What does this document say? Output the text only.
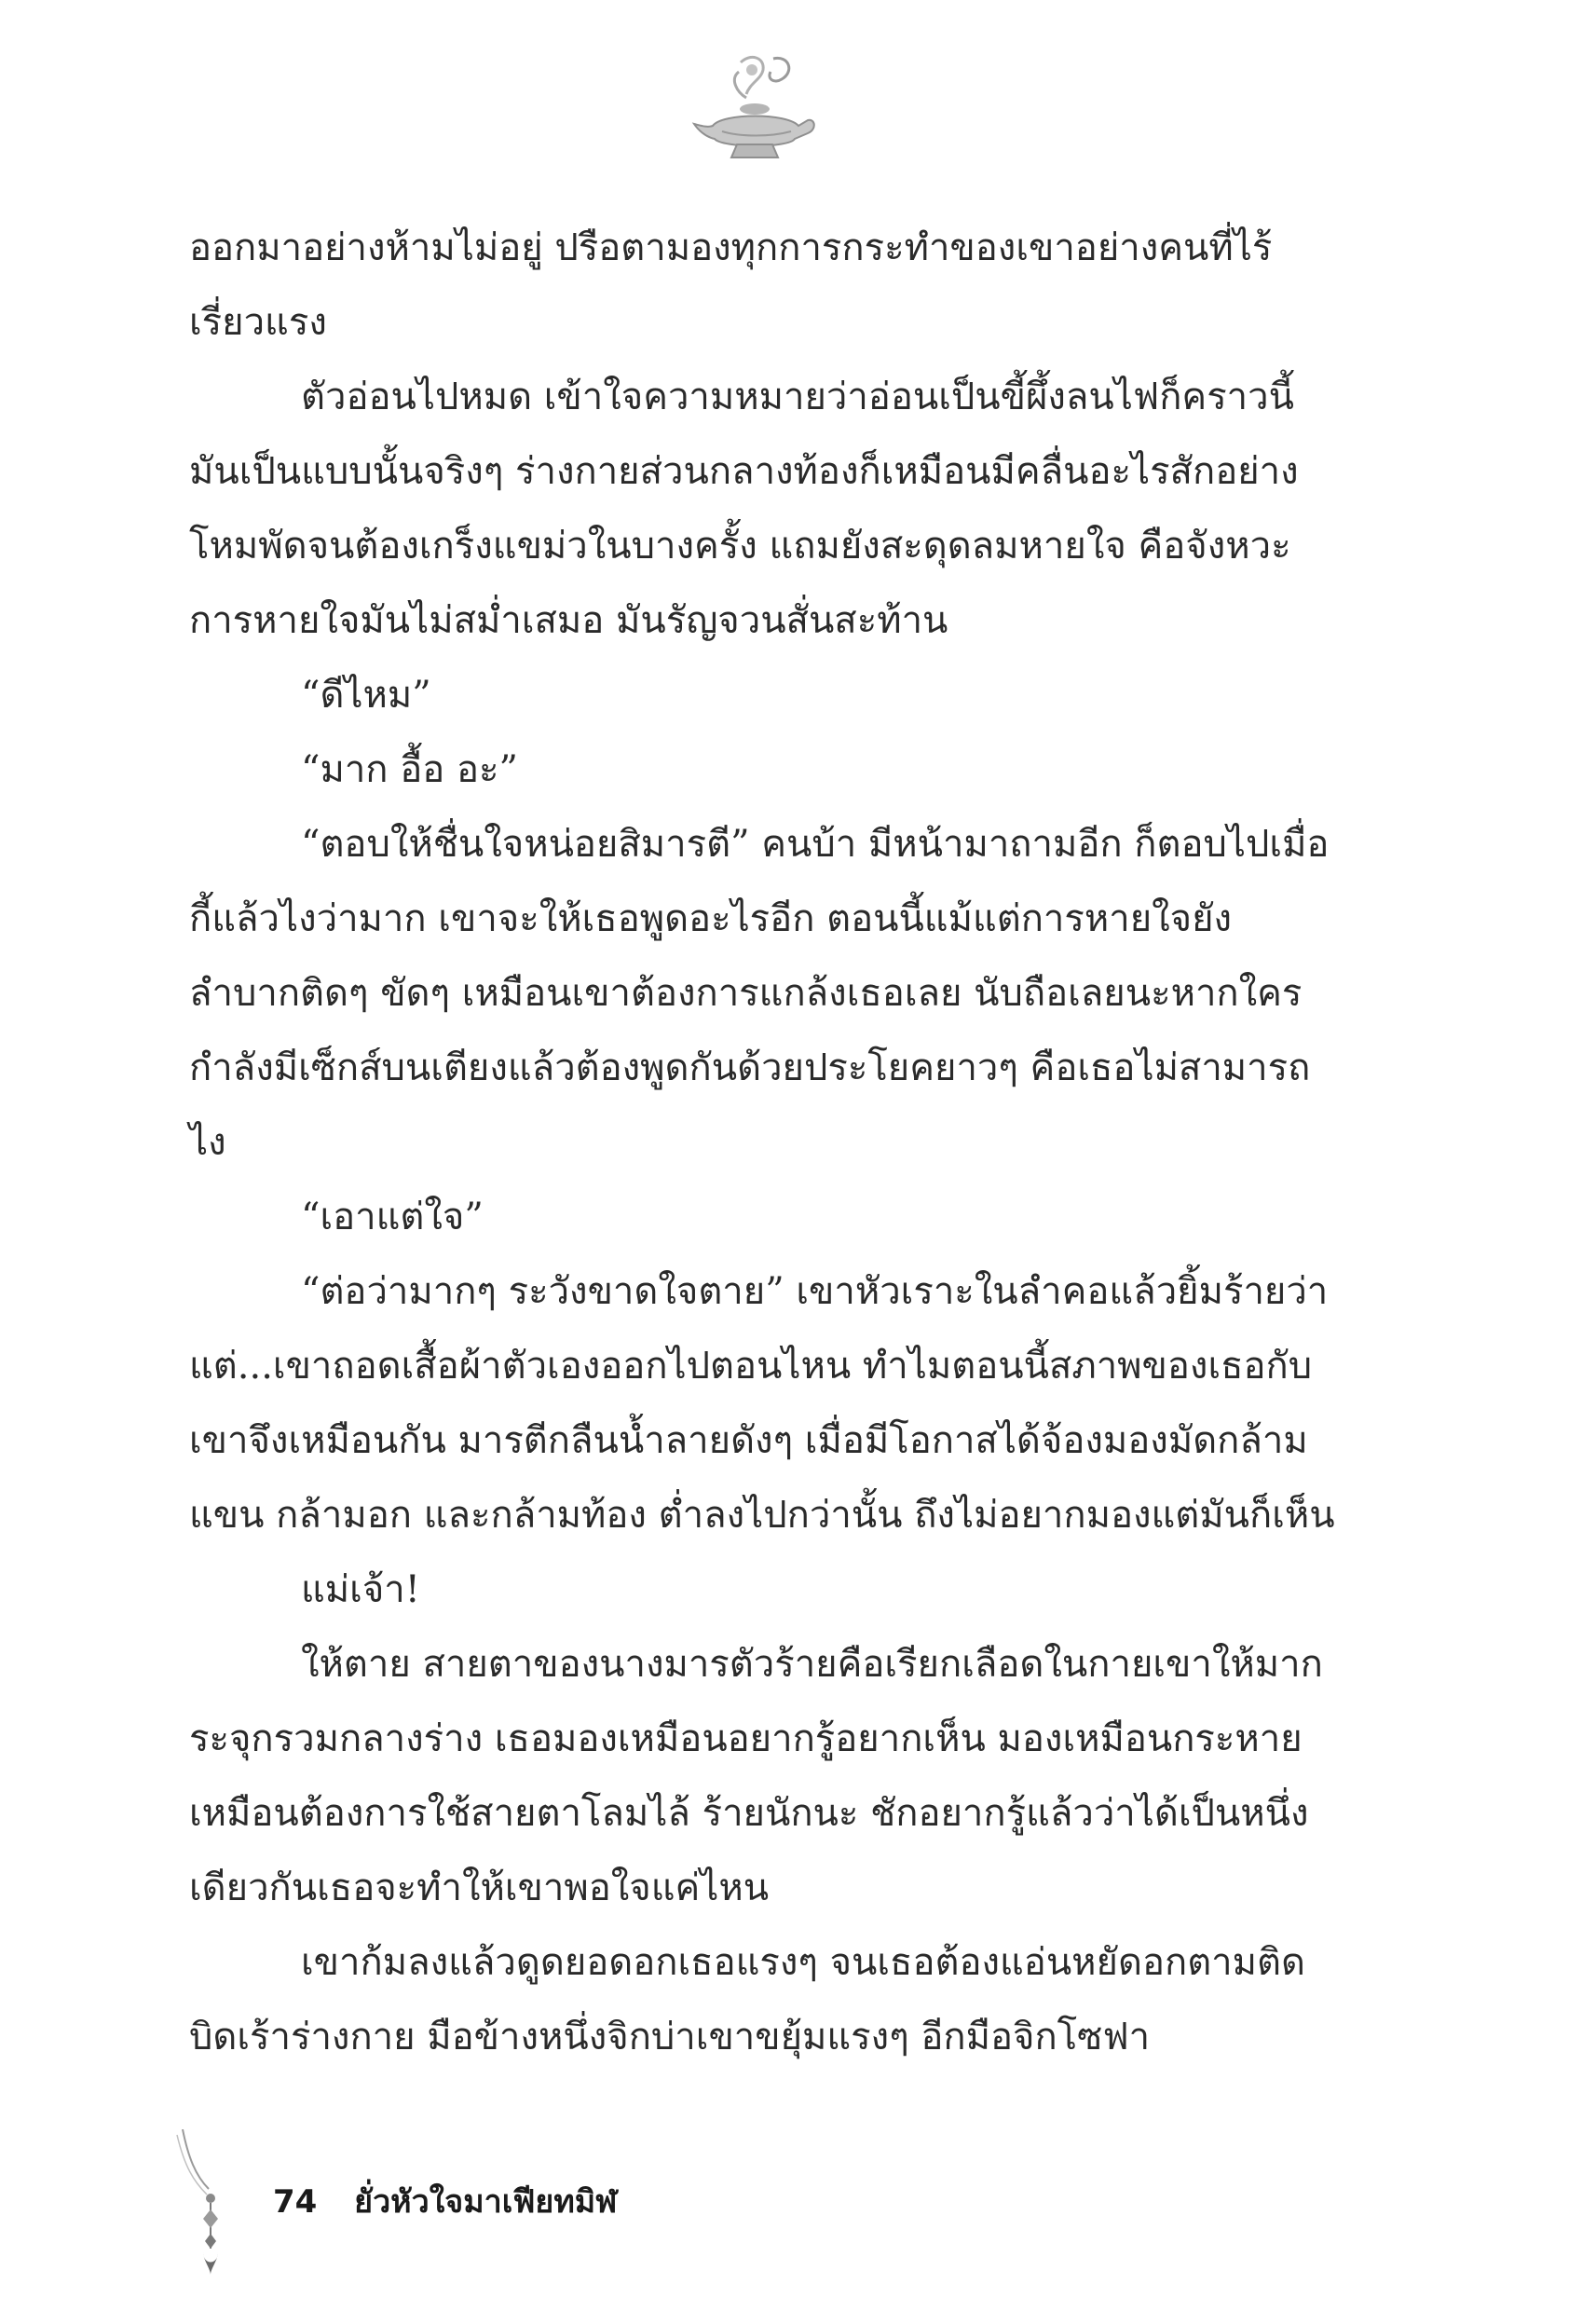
ออกมาอย่างห้ามไม่อยู่ ปรือตามองทุกการกระทำของเขาอย่างคนที่ไร้เรี่ยวแรง

ตัวอ่อนไปหมด เข้าใจความหมายว่าอ่อนเป็นขี้ผึ้งลนไฟก็คราวนี้ มันเป็นแบบนั้นจริงๆ ร่างกายส่วนกลางท้องก็เหมือนมีคลื่นอะไรสักอย่างโหมพัดจนต้องเกร็งแขม่วในบางครั้ง แถมยังสะดุดลมหายใจ คือจังหวะการหายใจมันไม่สม่ำเสมอ มันรัญจวนสั่นสะท้าน

“ดีไหม”

“มาก อื้อ อะ”

“ตอบให้ชื่นใจหน่อยสิมารตี” คนบ้า มีหน้ามาถามอีก ก็ตอบไปเมื่อกี้แล้วไงว่ามาก เขาจะให้เธอพูดอะไรอีก ตอนนี้แม้แต่การหายใจยังลำบากติดๆ ขัดๆ เหมือนเขาต้องการแกล้งเธอเลย นับถือเลยนะหากใครกำลังมีเซ็กส์บนเตียงแล้วต้องพูดกันด้วยประโยคยาวๆ คือเธอไม่สามารถไง

“เอาแต่ใจ”

“ต่อว่ามากๆ ระวังขาดใจตาย” เขาหัวเราะในลำคอแล้วยิ้มร้ายว่าแต่...เขาถอดเสื้อผ้าตัวเองออกไปตอนไหน ทำไมตอนนี้สภาพของเธอกับเขาจึงเหมือนกัน มารตีกลืนน้ำลายดังๆ เมื่อมีโอกาสได้จ้องมองมัดกล้ามแขน กล้ามอก และกล้ามท้อง ต่ำลงไปกว่านั้น ถึงไม่อยากมองแต่มันก็เห็น

แม่เจ้า!

ให้ตาย สายตาของนางมารตัวร้ายคือเรียกเลือดในกายเขาให้มากระจุกรวมกลางร่าง เธอมองเหมือนอยากรู้อยากเห็น มองเหมือนกระหาย เหมือนต้องการใช้สายตาโลมไล้ ร้ายนักนะ ชักอยากรู้แล้วว่าได้เป็นหนึ่งเดียวกันเธอจะทำให้เขาพอใจแค่ไหน

เขาก้มลงแล้วดูดยอดอกเธอแรงๆ จนเธอต้องแอ่นหยัดอกตามติด บิดเร้าร่างกาย มือข้างหนึ่งจิกบ่าเขาขยุ้มแรงๆ อีกมือจิกโซฟา

74 ยั่วหัวใจมาเฟียทมิฬ
